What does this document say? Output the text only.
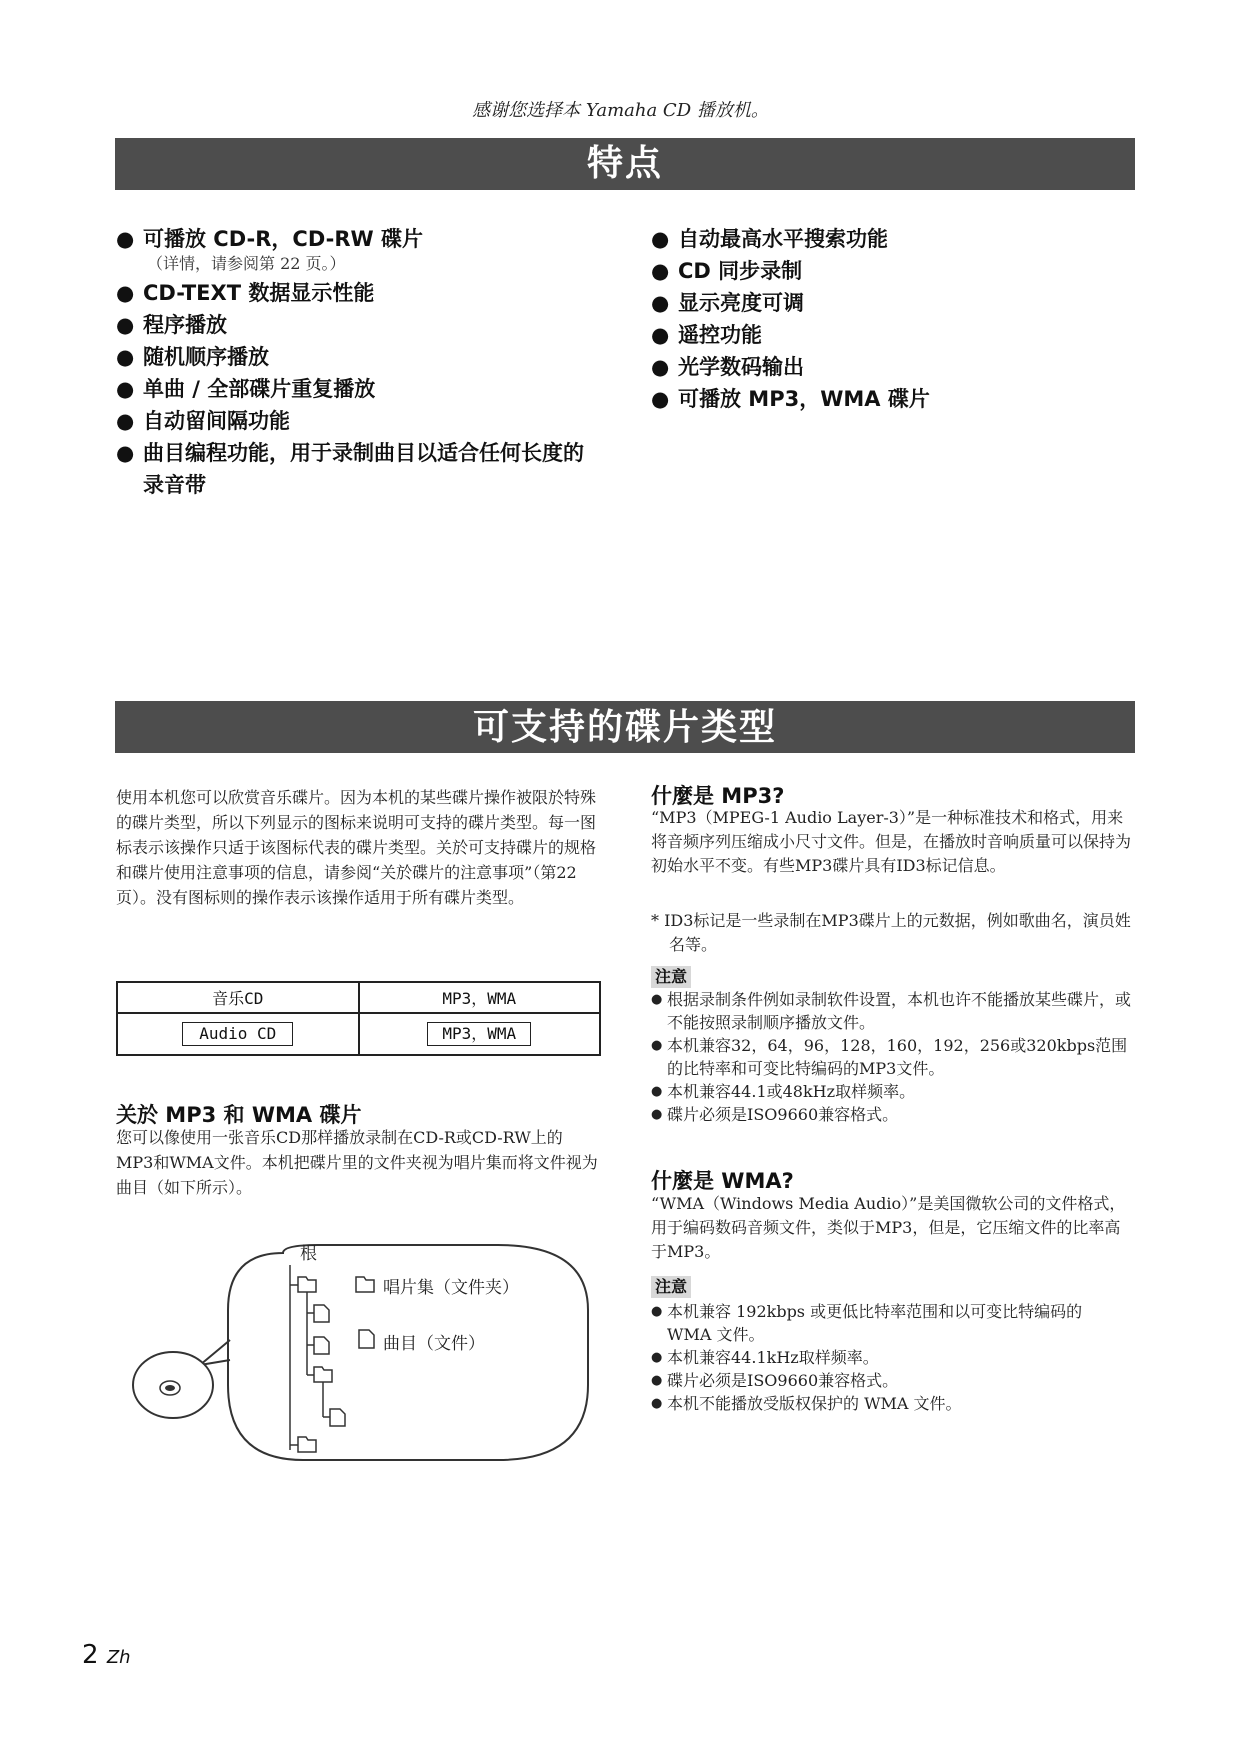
感谢您选择本 Yamaha CD 播放机。
特点
● 可播放 CD-R，CD-RW 碟片
（详情，请参阅第 22 页。）
● CD-TEXT 数据显示性能
● 程序播放
● 随机顺序播放
● 单曲 / 全部碟片重复播放
● 自动留间隔功能
● 曲目编程功能，用于录制曲目以适合任何长度的录音带
● 自动最高水平搜索功能
● CD 同步录制
● 显示亮度可调
● 遥控功能
● 光学数码输出
● 可播放 MP3，WMA 碟片
可支持的碟片类型
使用本机您可以欣赏音乐碟片。因为本机的某些碟片操作被限於特殊的碟片类型，所以下列显示的图标来说明可支持的碟片类型。每一图标表示该操作只适于该图标代表的碟片类型。关於可支持碟片的规格和碟片使用注意事项的信息，请参阅“关於碟片的注意事项”（第22页）。没有图标则的操作表示该操作适用于所有碟片类型。
音乐CD	MP3，WMA
Audio CD	MP3，WMA
关於 MP3 和 WMA 碟片
您可以像使用一张音乐CD那样播放录制在CD-R或CD-RW上的MP3和WMA文件。本机把碟片里的文件夹视为唱片集而将文件视为曲目（如下所示）。
根
唱片集（文件夹）
曲目（文件）
什麼是 MP3?
“MP3（MPEG-1 Audio Layer-3）”是一种标准技术和格式，用来将音频序列压缩成小尺寸文件。但是，在播放时音响质量可以保持为初始水平不变。有些MP3碟片具有ID3标记信息。
* ID3标记是一些录制在MP3碟片上的元数据，例如歌曲名，演员姓名等。
注意
● 根据录制条件例如录制软件设置，本机也许不能播放某些碟片，或不能按照录制顺序播放文件。
● 本机兼容32，64，96，128，160，192，256或320kbps范围的比特率和可变比特编码的MP3文件。
● 本机兼容44.1或48kHz取样频率。
● 碟片必须是ISO9660兼容格式。
什麼是 WMA?
“WMA（Windows Media Audio）”是美国微软公司的文件格式，用于编码数码音频文件，类似于MP3，但是，它压缩文件的比率高于MP3。
注意
● 本机兼容 192kbps 或更低比特率范围和以可变比特编码的 WMA 文件。
● 本机兼容44.1kHz取样频率。
● 碟片必须是ISO9660兼容格式。
● 本机不能播放受版权保护的 WMA 文件。
2 Zh
